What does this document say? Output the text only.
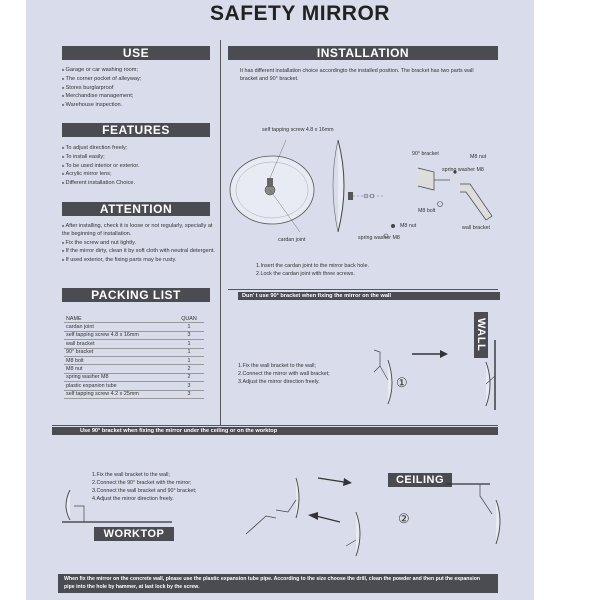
SAFETY MIRROR
USE
■ Garage or car washing room;
■ The corner pocket of alleyway;
■ Stores burglarproof
■ Merchandise management;
■ Warehouse inspection.
FEATURES
■ To adjust direction freely;
■ To install easily;
■ To be used interior or exterior.
■ Acrylic mirror lens;
■ Different installation Choice.
ATTENTION
■ After installing, check it is loose or not regularly, specially at the beginning of installation.
■ Fix the screw and nut tightly.
■ If the mirror dirty, clean it by soft cloth with neutral detergent.
■ If used exterior, the fixing parts may be rusty.
PACKING LIST
NAME	QUAN
cardan joint	1
self tapping screw 4.8 x 16mm	3
wall bracket	1
90° bracket	1
M8 bolt	1
M8 nut	2
spring washer M8	2
plastic expanion tube	3
self tapping screw 4.2 x 25mm	3
INSTALLATION
It has different installation choice accordingto the installed position. The bracket has two parts wall bracket and 90° bracket.
self tapping screw 4.8 x 16mm
90° bracket	M8 nut
spring washer M8
M8 bolt
wall bracket
cardan joint	spring washer M8
M8 nut
1.Insert the cardan joint to the mirror back hole.
2.Lock the cardan joint with three screws.
Dun' t use 90° bracket when fixing the mirror on the wall
1.Fix the wall bracket to the wall;
2.Connect the mirror with wall bracket;
3.Adjust the mirror direction freely.	①
WALL
Use 90° bracket when fixing the mirror under the ceiling or on the worktop
1.Fix the wall bracket to the wall;
2.Connect the 90° bracket with the mirror;
3.Connect the wall bracket and 90° bracket;
4.Adjust the mirror direction freely.
CEILING
WORKTOP
②
When fix the mirror on the concrete wall, please use the plastic expansion tube pipe. According to the size choose the drill, clean the powder and then put the expansion pipe into the hole by hammer, at last lock by the screw.
